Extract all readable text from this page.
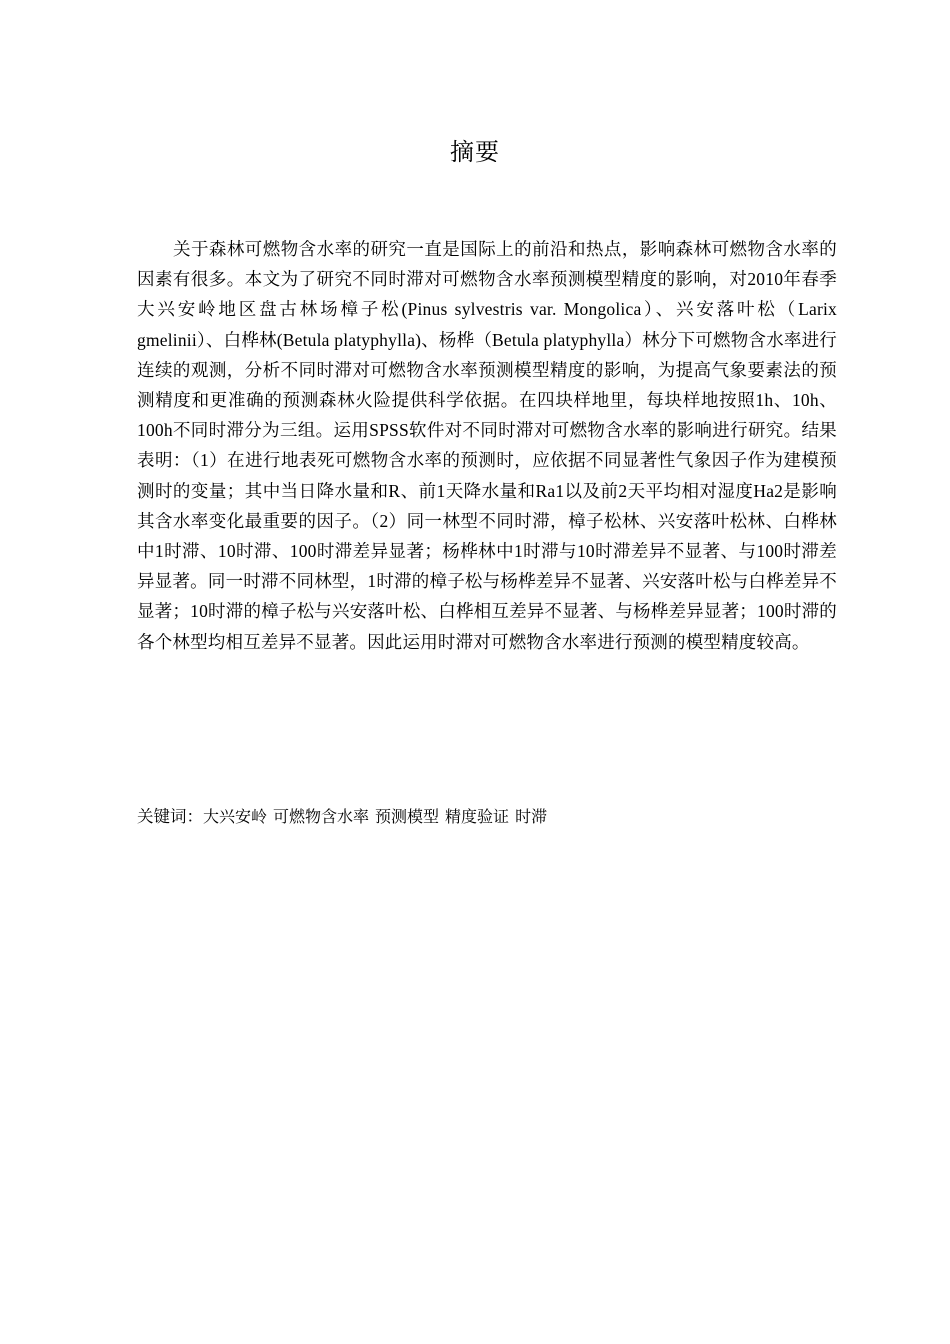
摘要

关于森林可燃物含水率的研究一直是国际上的前沿和热点，影响森林可燃物含水率的因素有很多。本文为了研究不同时滞对可燃物含水率预测模型精度的影响，对2010年春季大兴安岭地区盘古林场樟子松(Pinus sylvestris var. Mongolica）、兴安落叶松（Larix gmelinii）、白桦林(Betula platyphylla)、杨桦（Betula platyphylla）林分下可燃物含水率进行连续的观测，分析不同时滞对可燃物含水率预测模型精度的影响，为提高气象要素法的预测精度和更准确的预测森林火险提供科学依据。在四块样地里，每块样地按照1h、10h、100h不同时滞分为三组。运用SPSS软件对不同时滞对可燃物含水率的影响进行研究。结果表明：（1）在进行地表死可燃物含水率的预测时，应依据不同显著性气象因子作为建模预测时的变量；其中当日降水量和R、前1天降水量和Ra1以及前2天平均相对湿度Ha2是影响其含水率变化最重要的因子。（2）同一林型不同时滞，樟子松林、兴安落叶松林、白桦林中1时滞、10时滞、100时滞差异显著；杨桦林中1时滞与10时滞差异不显著、与100时滞差异显著。同一时滞不同林型，1时滞的樟子松与杨桦差异不显著、兴安落叶松与白桦差异不显著；10时滞的樟子松与兴安落叶松、白桦相互差异不显著、与杨桦差异显著；100时滞的各个林型均相互差异不显著。因此运用时滞对可燃物含水率进行预测的模型精度较高。

关键词：大兴安岭 可燃物含水率 预测模型 精度验证 时滞
